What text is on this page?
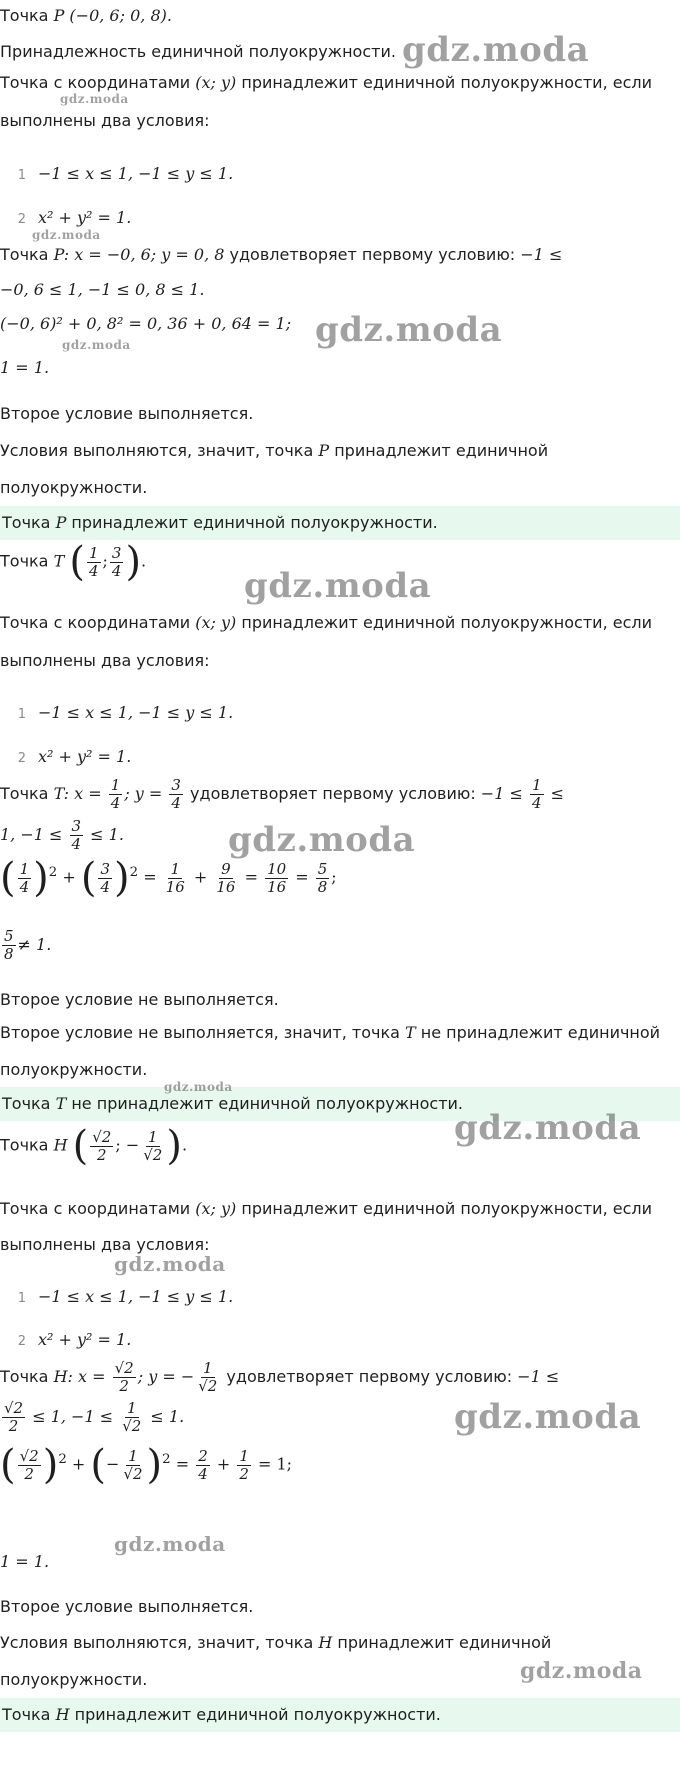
Точка P (−0, 6; 0, 8).
Принадлежность единичной полуокружности.
Точка с координатами (x; y) принадлежит единичной полуокружности, если
выполнены два условия:
1 −1 ≤ x ≤ 1, −1 ≤ y ≤ 1.
2 x² + y² = 1.
Точка P: x = −0, 6; y = 0, 8 удовлетворяет первому условию: −1 ≤
−0, 6 ≤ 1, −1 ≤ 0, 8 ≤ 1.
(−0, 6)² + 0, 8² = 0, 36 + 0, 64 = 1;
1 = 1.
Второе условие выполняется.
Условия выполняются, значит, точка P принадлежит единичной
полуокружности.
Точка P принадлежит единичной полуокружности.
Точка T ( $\frac{1}{4}$ ; $\frac{3}{4}$ ).
Точка с координатами (x; y) принадлежит единичной полуокружности, если
выполнены два условия:
1 −1 ≤ x ≤ 1, −1 ≤ y ≤ 1.
2 x² + y² = 1.
Точка T: $x = \frac{1}{4}$ ; $y = \frac{3}{4}$ удовлетворяет первому условию: $-1 \le \frac{1}{4}$ ≤
1, $-1 \le \frac{3}{4} \le 1$.
( $\frac{1}{4} )^2$ + ( $\frac{3}{4} )^2 = \frac{1}{16} + \frac{9}{16} = \frac{10}{16} = \frac{5}{8}$ ;
$\frac{5}{8} \ne 1$.
Второе условие не выполняется.
Второе условие не выполняется, значит, точка T не принадлежит единичной
полуокружности.
Точка T не принадлежит единичной полуокружности.
Точка H ( $\frac{√2}{2}$ ; − $\frac{1}{√2}$ ).
Точка с координатами (x; y) принадлежит единичной полуокружности, если
выполнены два условия:
1 −1 ≤ x ≤ 1, −1 ≤ y ≤ 1.
2 x² + y² = 1.
Точка H: $x = \frac{√2}{2}$ ; y = − $\frac{1}{√2}$ удовлетворяет первому условию: −1 ≤
$\frac{√2}{2} \le 1$, $-1 \le \frac{1}{√2} \le 1$.
( $\frac{√2}{2} )^2$ + (− $\frac{1}{√2} )^2 = \frac{2}{4} + \frac{1}{2} = 1$;
1 = 1.
Второе условие выполняется.
Условия выполняются, значит, точка H принадлежит единичной
полуокружности.
Точка H принадлежит единичной полуокружности.
gdz.moda
gdz.moda
gdz.moda
gdz.moda	gdz.moda
gdz.moda
gdz.moda
gdz.moda
gdz.moda
gdz.moda
gdz.moda
gdz.moda
gdz.moda
